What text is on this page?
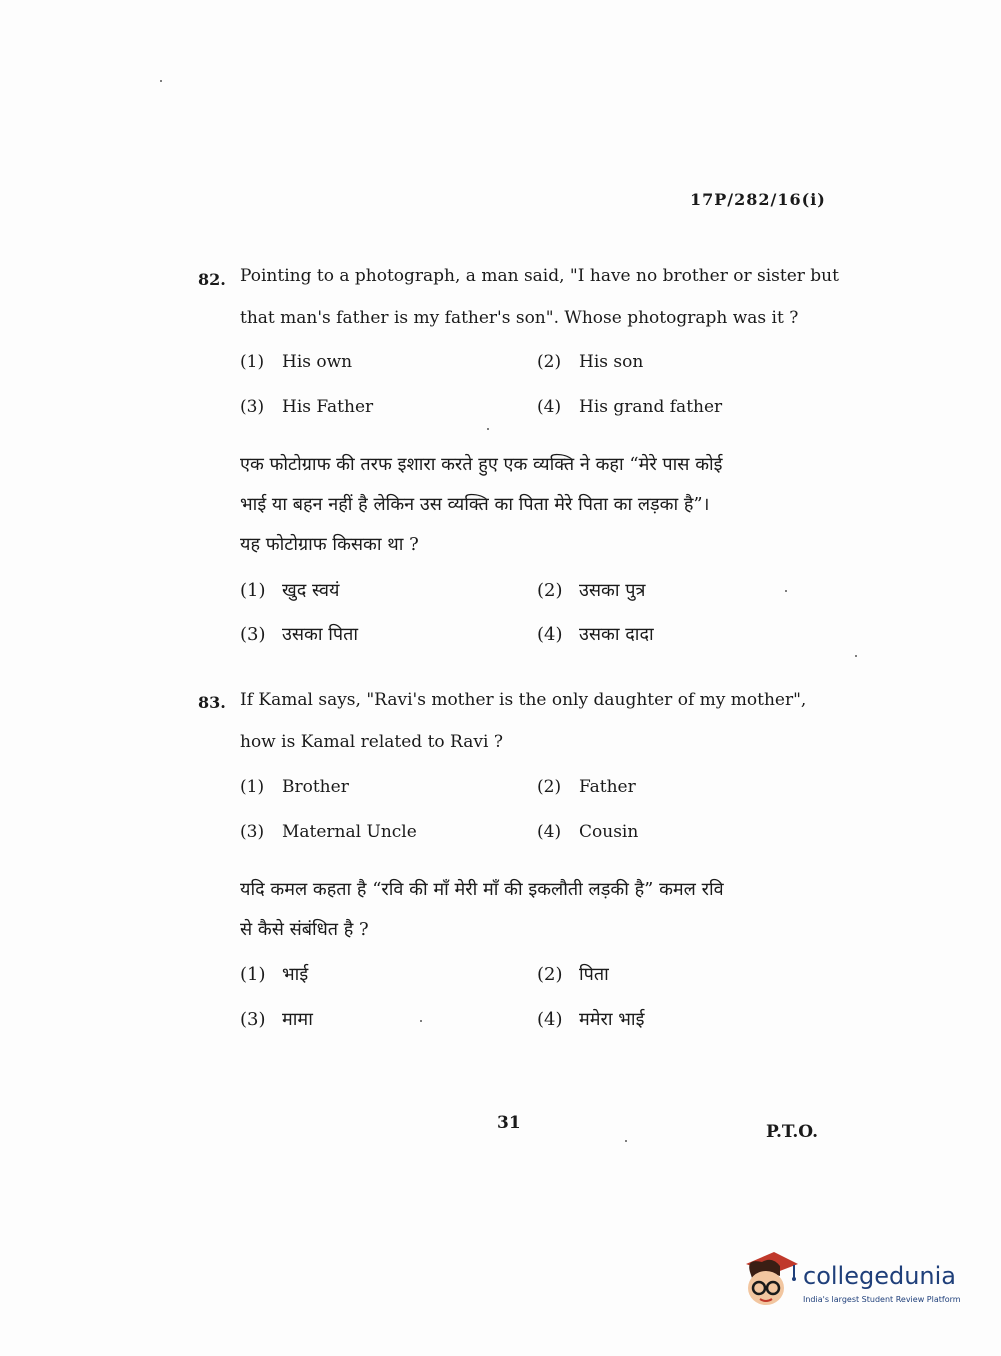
17P/282/16(i)
82. Pointing to a photograph, a man said, "I have no brother or sister but
that man's father is my father's son". Whose photograph was it ?
(1) His own	(2) His son
(3) His Father	(4) His grand father
एक फोटोग्राफ की तरफ इशारा करते हुए एक व्यक्ति ने कहा “मेरे पास कोई
भाई या बहन नहीं है लेकिन उस व्यक्ति का पिता मेरे पिता का लड़का है”।
यह फोटोग्राफ किसका था ?
(1) खुद स्वयं	(2) उसका पुत्र
(3) उसका पिता	(4) उसका दादा
83. If Kamal says, "Ravi's mother is the only daughter of my mother",
how is Kamal related to Ravi ?
(1) Brother	(2) Father
(3) Maternal Uncle	(4) Cousin
यदि कमल कहता है “रवि की माँ मेरी माँ की इकलौती लड़की है” कमल रवि
से कैसे संबंधित है ?
(1) भाई	(2) पिता
(3) मामा	(4) ममेरा भाई
31	P.T.O.
collegedunia
India's largest Student Review Platform
